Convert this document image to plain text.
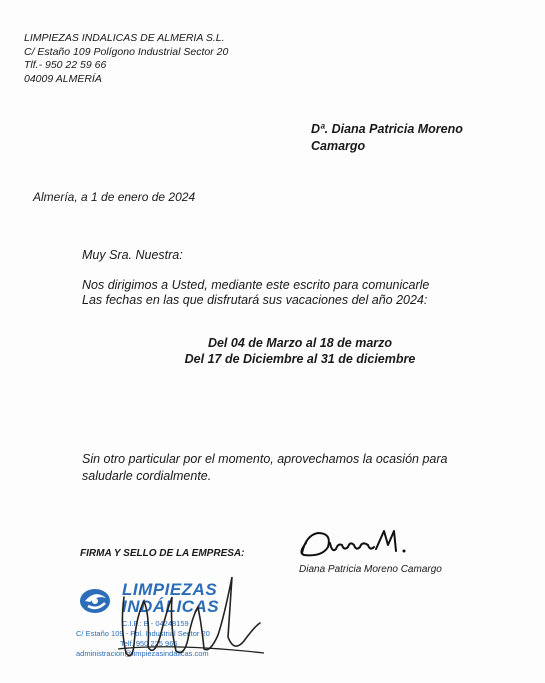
LIMPIEZAS INDALICAS DE ALMERIA S.L.
C/ Estaño 109 Polígono Industrial Sector 20
Tlf.- 950 22 59 66
04009 ALMERÍA
Dª. Diana Patricia Moreno
Camargo
Almería, a 1 de enero de 2024
Muy Sra. Nuestra:
Nos dirigimos a Usted, mediante este escrito para comunicarle
Las fechas en las que disfrutará sus vacaciones del año 2024:
Del 04 de Marzo al 18 de marzo
Del 17 de Diciembre al 31 de diciembre
Sin otro particular por el momento, aprovechamos la ocasión para
saludarle cordialmente.
FIRMA Y SELLO DE LA EMPRESA:
LIMPIEZAS
INDÁLICAS
C.I.F.: B - 04248159
C/ Estaño 109 - Pol. Industrial Sector 20
Telf. 950 225 966
administracion@limpiezasindalicas.com
Diana Patricia Moreno Camargo
